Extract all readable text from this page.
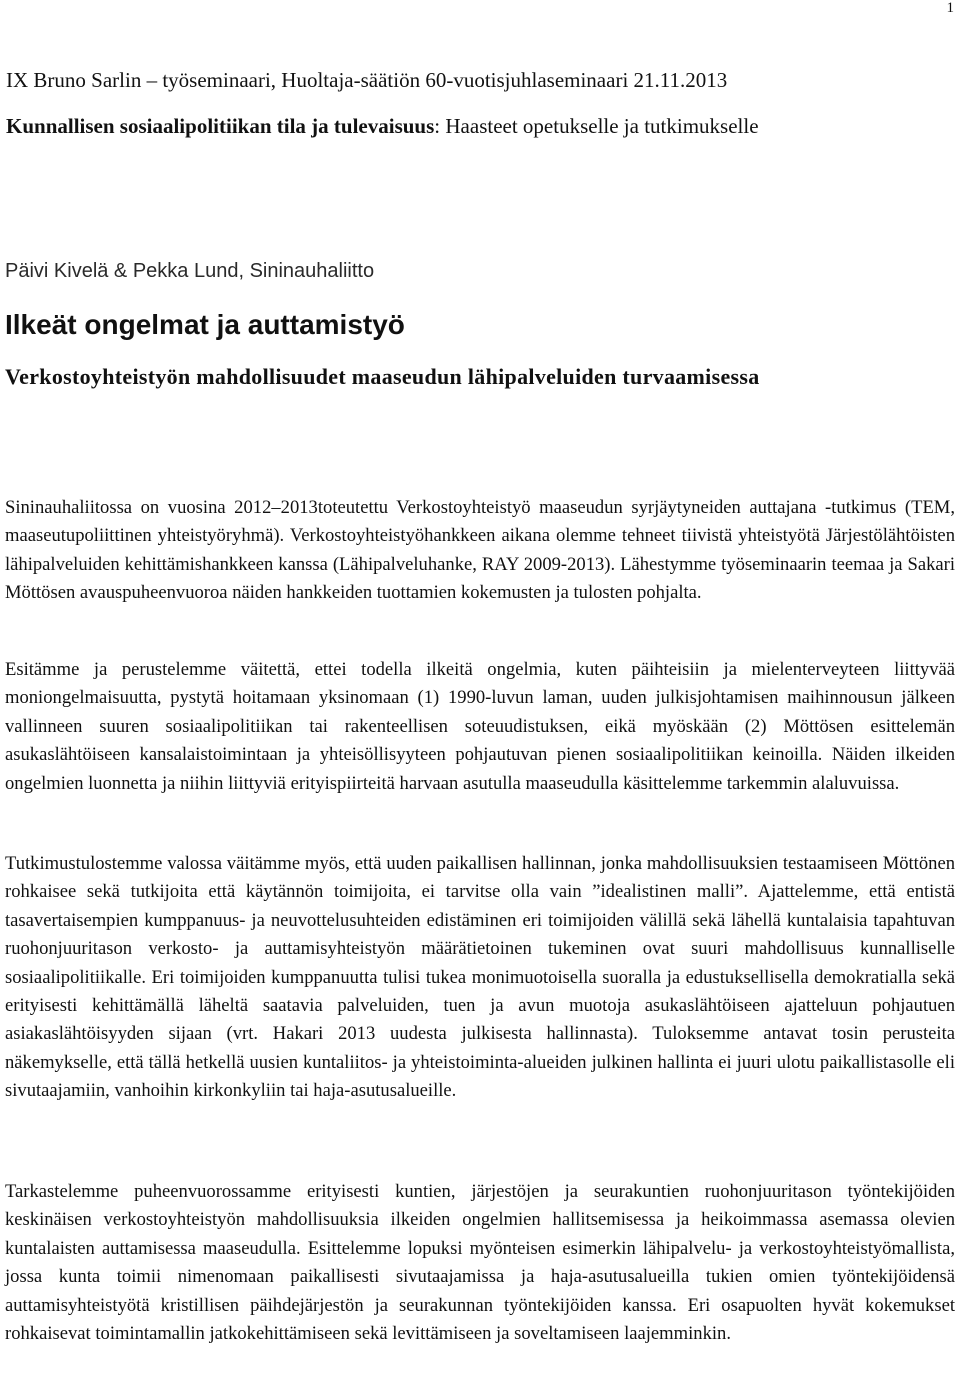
1
IX Bruno Sarlin – työseminaari, Huoltaja-säätiön 60-vuotisjuhlaseminaari 21.11.2013
Kunnallisen sosiaalipolitiikan tila ja tulevaisuus: Haasteet opetukselle ja tutkimukselle
Päivi Kivelä & Pekka Lund, Sininauhaliitto
Ilkeät ongelmat ja auttamistyö
Verkostoyhteistyön mahdollisuudet maaseudun lähipalveluiden turvaamisessa

Sininauhaliitossa on vuosina 2012–2013toteutettu Verkostoyhteistyö maaseudun syrjäytyneiden auttajana -tutkimus (TEM, maaseutupoliittinen yhteistyöryhmä). Verkostoyhteistyöhankkeen aikana olemme tehneet tiivistä yhteistyötä Järjestölähtöisten lähipalveluiden kehittämishankkeen kanssa (Lähipalveluhanke, RAY 2009-2013). Lähestymme työseminaarin teemaa ja Sakari Möttösen avauspuheenvuoroa näiden hankkeiden tuottamien kokemusten ja tulosten pohjalta.

Esitämme ja perustelemme väitettä, ettei todella ilkeitä ongelmia, kuten päihteisiin ja mielenterveyteen liittyvää moniongelmaisuutta, pystytä hoitamaan yksinomaan (1) 1990-luvun laman, uuden julkisjohtamisen maihinnousun jälkeen vallinneen suuren sosiaalipolitiikan tai rakenteellisen soteuudistuksen, eikä myöskään (2) Möttösen esittelemän asukaslähtöiseen kansalaistoimintaan ja yhteisöllisyyteen pohjautuvan pienen sosiaalipolitiikan keinoilla. Näiden ilkeiden ongelmien luonnetta ja niihin liittyviä erityispiirteitä harvaan asutulla maaseudulla käsittelemme tarkemmin alaluvuissa.

Tutkimustulostemme valossa väitämme myös, että uuden paikallisen hallinnan, jonka mahdollisuuksien testaamiseen Möttönen rohkaisee sekä tutkijoita että käytännön toimijoita, ei tarvitse olla vain ”idealistinen malli”. Ajattelemme, että entistä tasavertaisempien kumppanuus- ja neuvottelusuhteiden edistäminen eri toimijoiden välillä sekä lähellä kuntalaisia tapahtuvan ruohonjuuritason verkosto- ja auttamisyhteistyön määrätietoinen tukeminen ovat suuri mahdollisuus kunnalliselle sosiaalipolitiikalle. Eri toimijoiden kumppanuutta tulisi tukea monimuotoisella suoralla ja edustuksellisella demokratialla sekä erityisesti kehittämällä läheltä saatavia palveluiden, tuen ja avun muotoja asukaslähtöiseen ajatteluun pohjautuen asiakaslähtöisyyden sijaan (vrt. Hakari 2013 uudesta julkisesta hallinnasta). Tuloksemme antavat tosin perusteita näkemykselle, että tällä hetkellä uusien kuntaliitos- ja yhteistoiminta-alueiden julkinen hallinta ei juuri ulotu paikallistasolle eli sivutaajamiin, vanhoihin kirkonkyliin tai haja-asutusalueille.

Tarkastelemme puheenvuorossamme erityisesti kuntien, järjestöjen ja seurakuntien ruohonjuuritason työntekijöiden keskinäisen verkostoyhteistyön mahdollisuuksia ilkeiden ongelmien hallitsemisessa ja heikoimmassa asemassa olevien kuntalaisten auttamisessa maaseudulla. Esittelemme lopuksi myönteisen esimerkin lähipalvelu- ja verkostoyhteistyömallista, jossa kunta toimii nimenomaan paikallisesti sivutaajamissa ja haja-asutusalueilla tukien omien työntekijöidensä auttamisyhteistyötä kristillisen päihdejärjestön ja seurakunnan työntekijöiden kanssa. Eri osapuolten hyvät kokemukset rohkaisevat toimintamallin jatkokehittämiseen sekä levittämiseen ja soveltamiseen laajemminkin.
